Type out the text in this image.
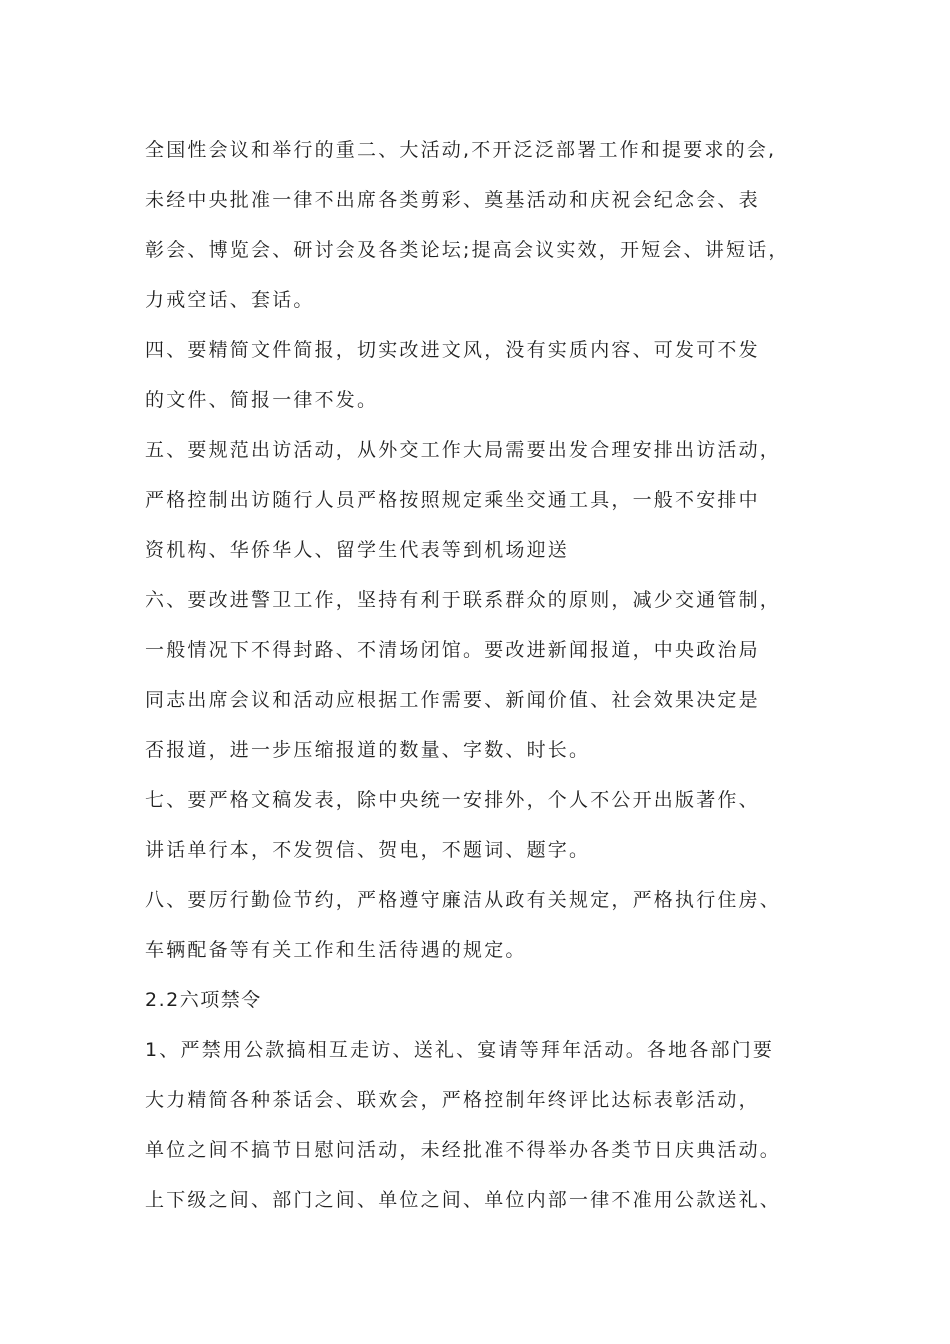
全国性会议和举行的重二、大活动,不开泛泛部署工作和提要求的会,
未经中央批准一律不出席各类剪彩、奠基活动和庆祝会纪念会、表
彰会、博览会、研讨会及各类论坛;提高会议实效，开短会、讲短话，
力戒空话、套话。
四、要精简文件简报，切实改进文风，没有实质内容、可发可不发
的文件、简报一律不发。
五、要规范出访活动，从外交工作大局需要出发合理安排出访活动，
严格控制出访随行人员严格按照规定乘坐交通工具，一般不安排中
资机构、华侨华人、留学生代表等到机场迎送
六、要改进警卫工作，坚持有利于联系群众的原则，减少交通管制，
一般情况下不得封路、不清场闭馆。要改进新闻报道，中央政治局
同志出席会议和活动应根据工作需要、新闻价值、社会效果决定是
否报道，进一步压缩报道的数量、字数、时长。
七、要严格文稿发表，除中央统一安排外，个人不公开出版著作、
讲话单行本，不发贺信、贺电，不题词、题字。
八、要厉行勤俭节约，严格遵守廉洁从政有关规定，严格执行住房、
车辆配备等有关工作和生活待遇的规定。
2.2六项禁令
1、严禁用公款搞相互走访、送礼、宴请等拜年活动。各地各部门要
大力精简各种茶话会、联欢会，严格控制年终评比达标表彰活动，
单位之间不搞节日慰问活动，未经批准不得举办各类节日庆典活动。
上下级之间、部门之间、单位之间、单位内部一律不准用公款送礼、
